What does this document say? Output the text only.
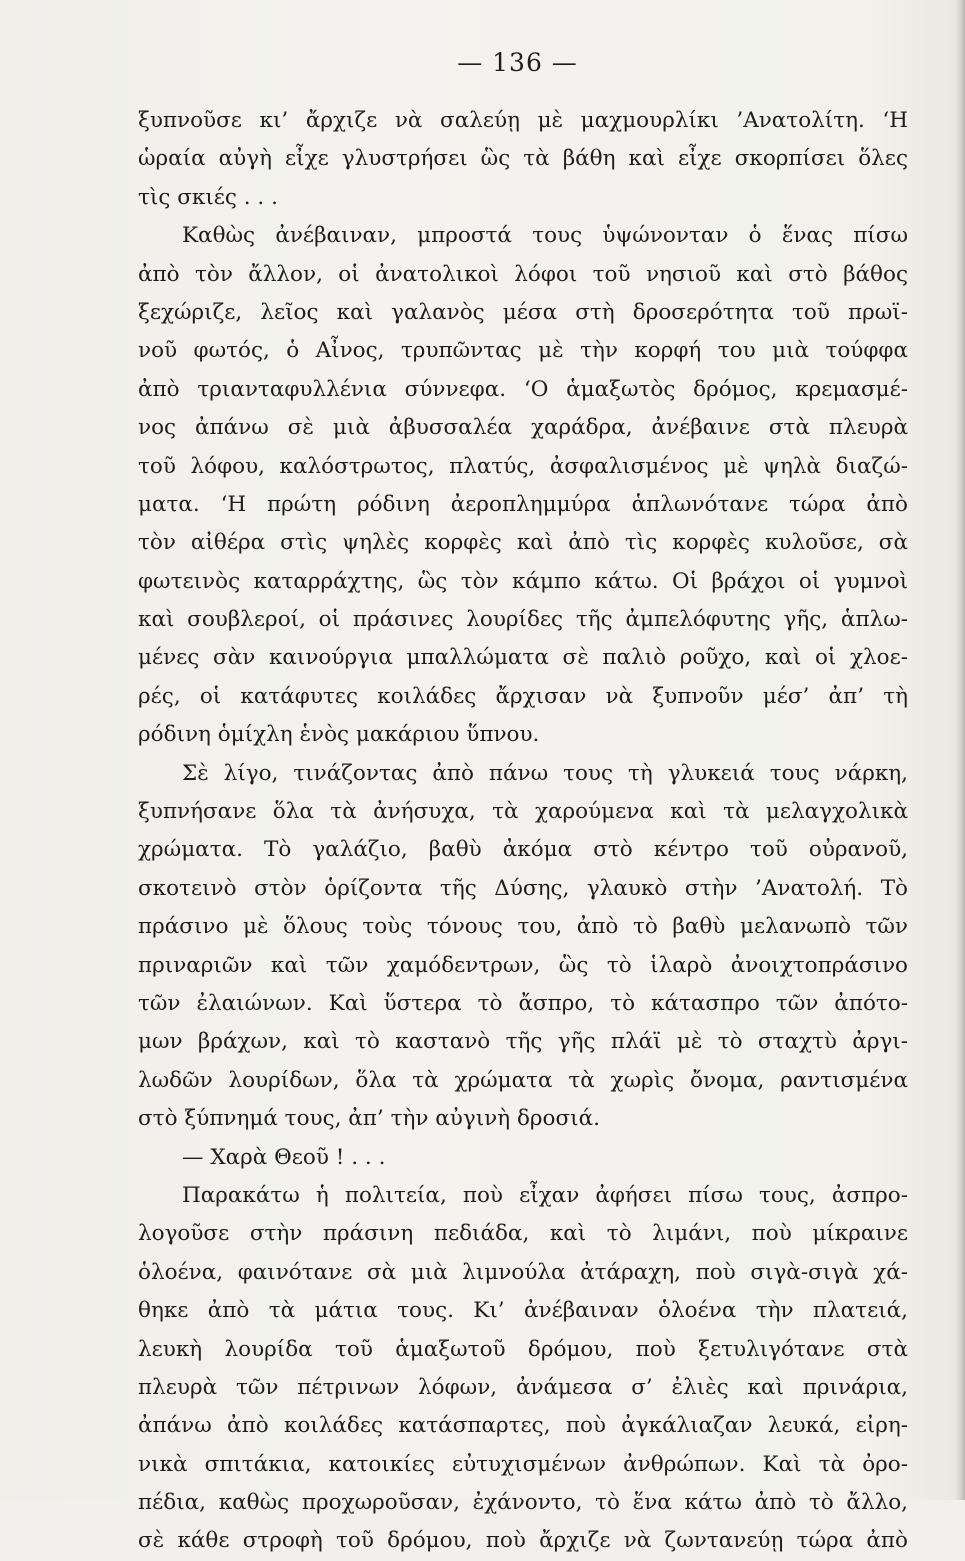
— 136 —
ξυπνοῦσε κι’ ἄρχιζε νὰ σαλεύῃ μὲ μαχμουρλίκι ’Ανατολίτη. ‘Η
ὡραία αὐγὴ εἶχε γλυστρήσει ὣς τὰ βάθη καὶ εἶχε σκορπίσει ὅλες
τὶς σκιές . . .
Καθὼς ἀνέβαιναν, μπροστά τους ὑψώνονταν ὁ ἕνας πίσω
ἀπὸ τὸν ἄλλον, οἱ ἀνατολικοὶ λόφοι τοῦ νησιοῦ καὶ στὸ βάθος
ξεχώριζε, λεῖος καὶ γαλανὸς μέσα στὴ δροσερότητα τοῦ πρωϊ-
νοῦ φωτός, ὁ Αἶνος, τρυπῶντας μὲ τὴν κορφή του μιὰ τούφφα
ἀπὸ τριανταφυλλένια σύννεφα. ‘Ο ἁμαξωτὸς δρόμος, κρεμασμέ-
νος ἀπάνω σὲ μιὰ ἀβυσσαλέα χαράδρα, ἀνέβαινε στὰ πλευρὰ
τοῦ λόφου, καλόστρωτος, πλατύς, ἀσφαλισμένος μὲ ψηλὰ διαζώ-
ματα. ‘Η πρώτη ρόδινη ἀεροπλημμύρα ἁπλωνότανε τώρα ἀπὸ
τὸν αἰθέρα στὶς ψηλὲς κορφὲς καὶ ἀπὸ τὶς κορφὲς κυλοῦσε, σὰ
φωτεινὸς καταρράχτης, ὣς τὸν κάμπο κάτω. Οἱ βράχοι οἱ γυμνοὶ
καὶ σουβλεροί, οἱ πράσινες λουρίδες τῆς ἀμπελόφυτης γῆς, ἁπλω-
μένες σὰν καινούργια μπαλλώματα σὲ παλιὸ ροῦχο, καὶ οἱ χλοε-
ρές, οἱ κατάφυτες κοιλάδες ἄρχισαν νὰ ξυπνοῦν μέσ’ ἀπ’ τὴ
ρόδινη ὁμίχλη ἑνὸς μακάριου ὕπνου.
Σὲ λίγο, τινάζοντας ἀπὸ πάνω τους τὴ γλυκειά τους νάρκη,
ξυπνήσανε ὅλα τὰ ἀνήσυχα, τὰ χαρούμενα καὶ τὰ μελαγχολικὰ
χρώματα. Τὸ γαλάζιο, βαθὺ ἀκόμα στὸ κέντρο τοῦ οὐρανοῦ,
σκοτεινὸ στὸν ὁρίζοντα τῆς Δύσης, γλαυκὸ στὴν ’Ανατολή. Τὸ
πράσινο μὲ ὅλους τοὺς τόνους του, ἀπὸ τὸ βαθὺ μελανωπὸ τῶν
πριναριῶν καὶ τῶν χαμόδεντρων, ὣς τὸ ἱλαρὸ ἀνοιχτοπράσινο
τῶν ἐλαιώνων. Καὶ ὕστερα τὸ ἄσπρο, τὸ κάτασπρο τῶν ἀπότο-
μων βράχων, καὶ τὸ καστανὸ τῆς γῆς πλάϊ μὲ τὸ σταχτὺ ἀργι-
λωδῶν λουρίδων, ὅλα τὰ χρώματα τὰ χωρὶς ὄνομα, ραντισμένα
στὸ ξύπνημά τους, ἀπ’ τὴν αὐγινὴ δροσιά.
— Χαρὰ Θεοῦ ! . . .
Παρακάτω ἡ πολιτεία, ποὺ εἶχαν ἀφήσει πίσω τους, ἀσπρο-
λογοῦσε στὴν πράσινη πεδιάδα, καὶ τὸ λιμάνι, ποὺ μίκραινε
ὁλοένα, φαινότανε σὰ μιὰ λιμνούλα ἀτάραχη, ποὺ σιγὰ-σιγὰ χά-
θηκε ἀπὸ τὰ μάτια τους. Κι’ ἀνέβαιναν ὁλοένα τὴν πλατειά,
λευκὴ λουρίδα τοῦ ἁμαξωτοῦ δρόμου, ποὺ ξετυλιγότανε στὰ
πλευρὰ τῶν πέτρινων λόφων, ἀνάμεσα σ’ ἐλιὲς καὶ πρινάρια,
ἀπάνω ἀπὸ κοιλάδες κατάσπαρτες, ποὺ ἀγκάλιαζαν λευκά, εἰρη-
νικὰ σπιτάκια, κατοικίες εὐτυχισμένων ἀνθρώπων. Καὶ τὰ ὀρο-
πέδια, καθὼς προχωροῦσαν, ἐχάνοντο, τὸ ἕνα κάτω ἀπὸ τὸ ἄλλο,
σὲ κάθε στροφὴ τοῦ δρόμου, ποὺ ἄρχιζε νὰ ζωντανεύῃ τώρα ἀπὸ
